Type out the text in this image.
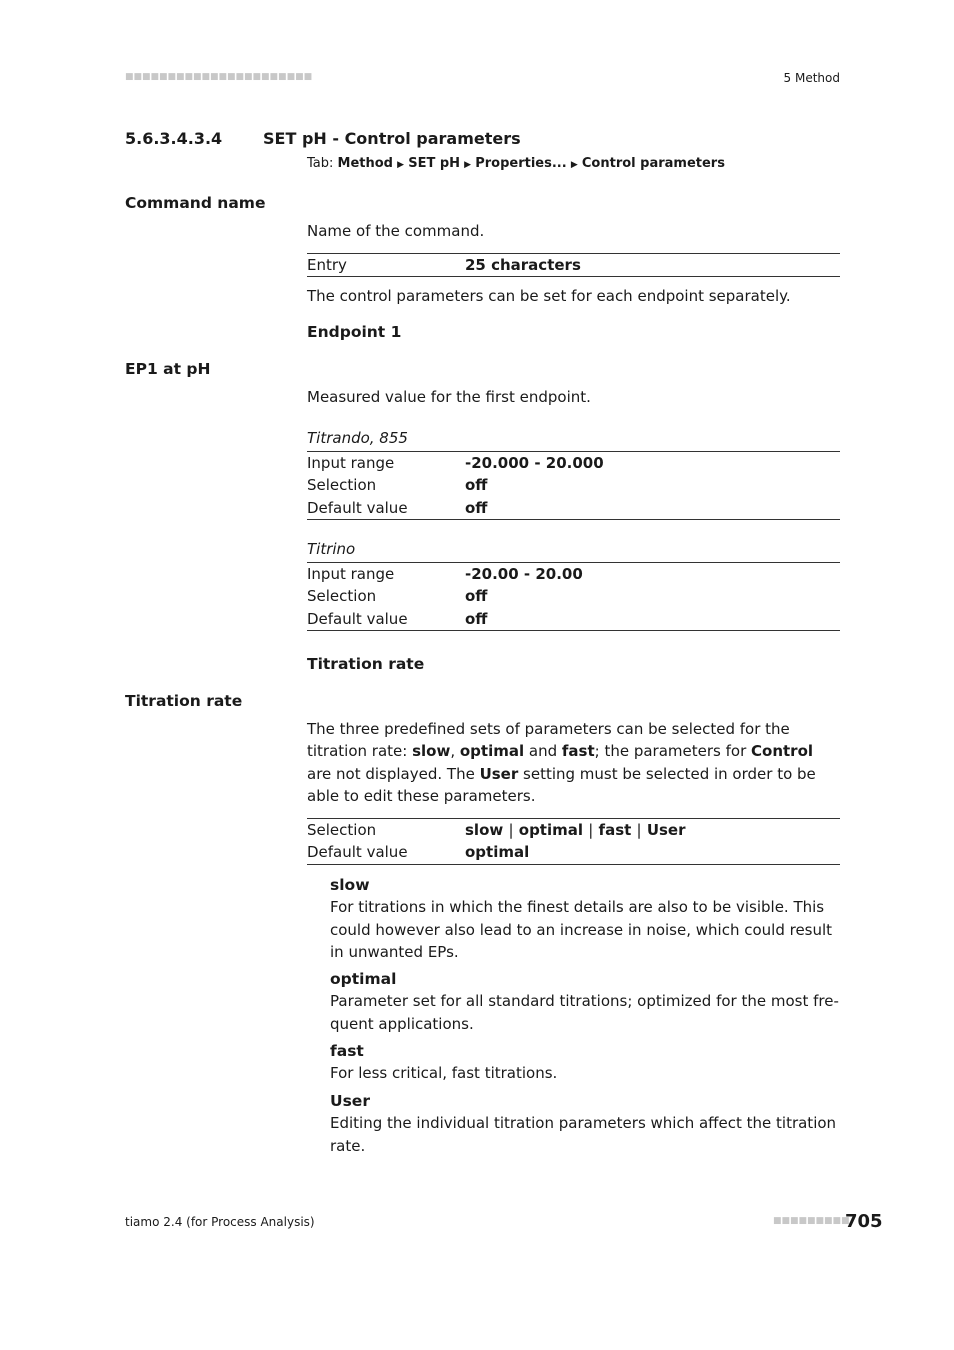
■■■■■■■■■■■■■■■■■■■■■■	5 Method
5.6.3.4.3.4	SET pH - Control parameters
Tab: Method ▶ SET pH ▶ Properties... ▶ Control parameters
Command name
Name of the command.
Entry	25 characters
The control parameters can be set for each endpoint separately.
Endpoint 1
EP1 at pH
Measured value for the first endpoint.
Titrando, 855
Input range	-20.000 - 20.000
Selection	off
Default value	off
Titrino
Input range	-20.00 - 20.00
Selection	off
Default value	off
Titration rate
Titration rate
The three predefined sets of parameters can be selected for the titration rate: slow, optimal and fast; the parameters for Control are not displayed. The User setting must be selected in order to be able to edit these parameters.
Selection	slow | optimal | fast | User
Default value	optimal
slow
For titrations in which the finest details are also to be visible. This could however also lead to an increase in noise, which could result in unwanted EPs.
optimal
Parameter set for all standard titrations; optimized for the most frequent applications.
fast
For less critical, fast titrations.
User
Editing the individual titration parameters which affect the titration rate.
tiamo 2.4 (for Process Analysis)	■■■■■■■■■
705
